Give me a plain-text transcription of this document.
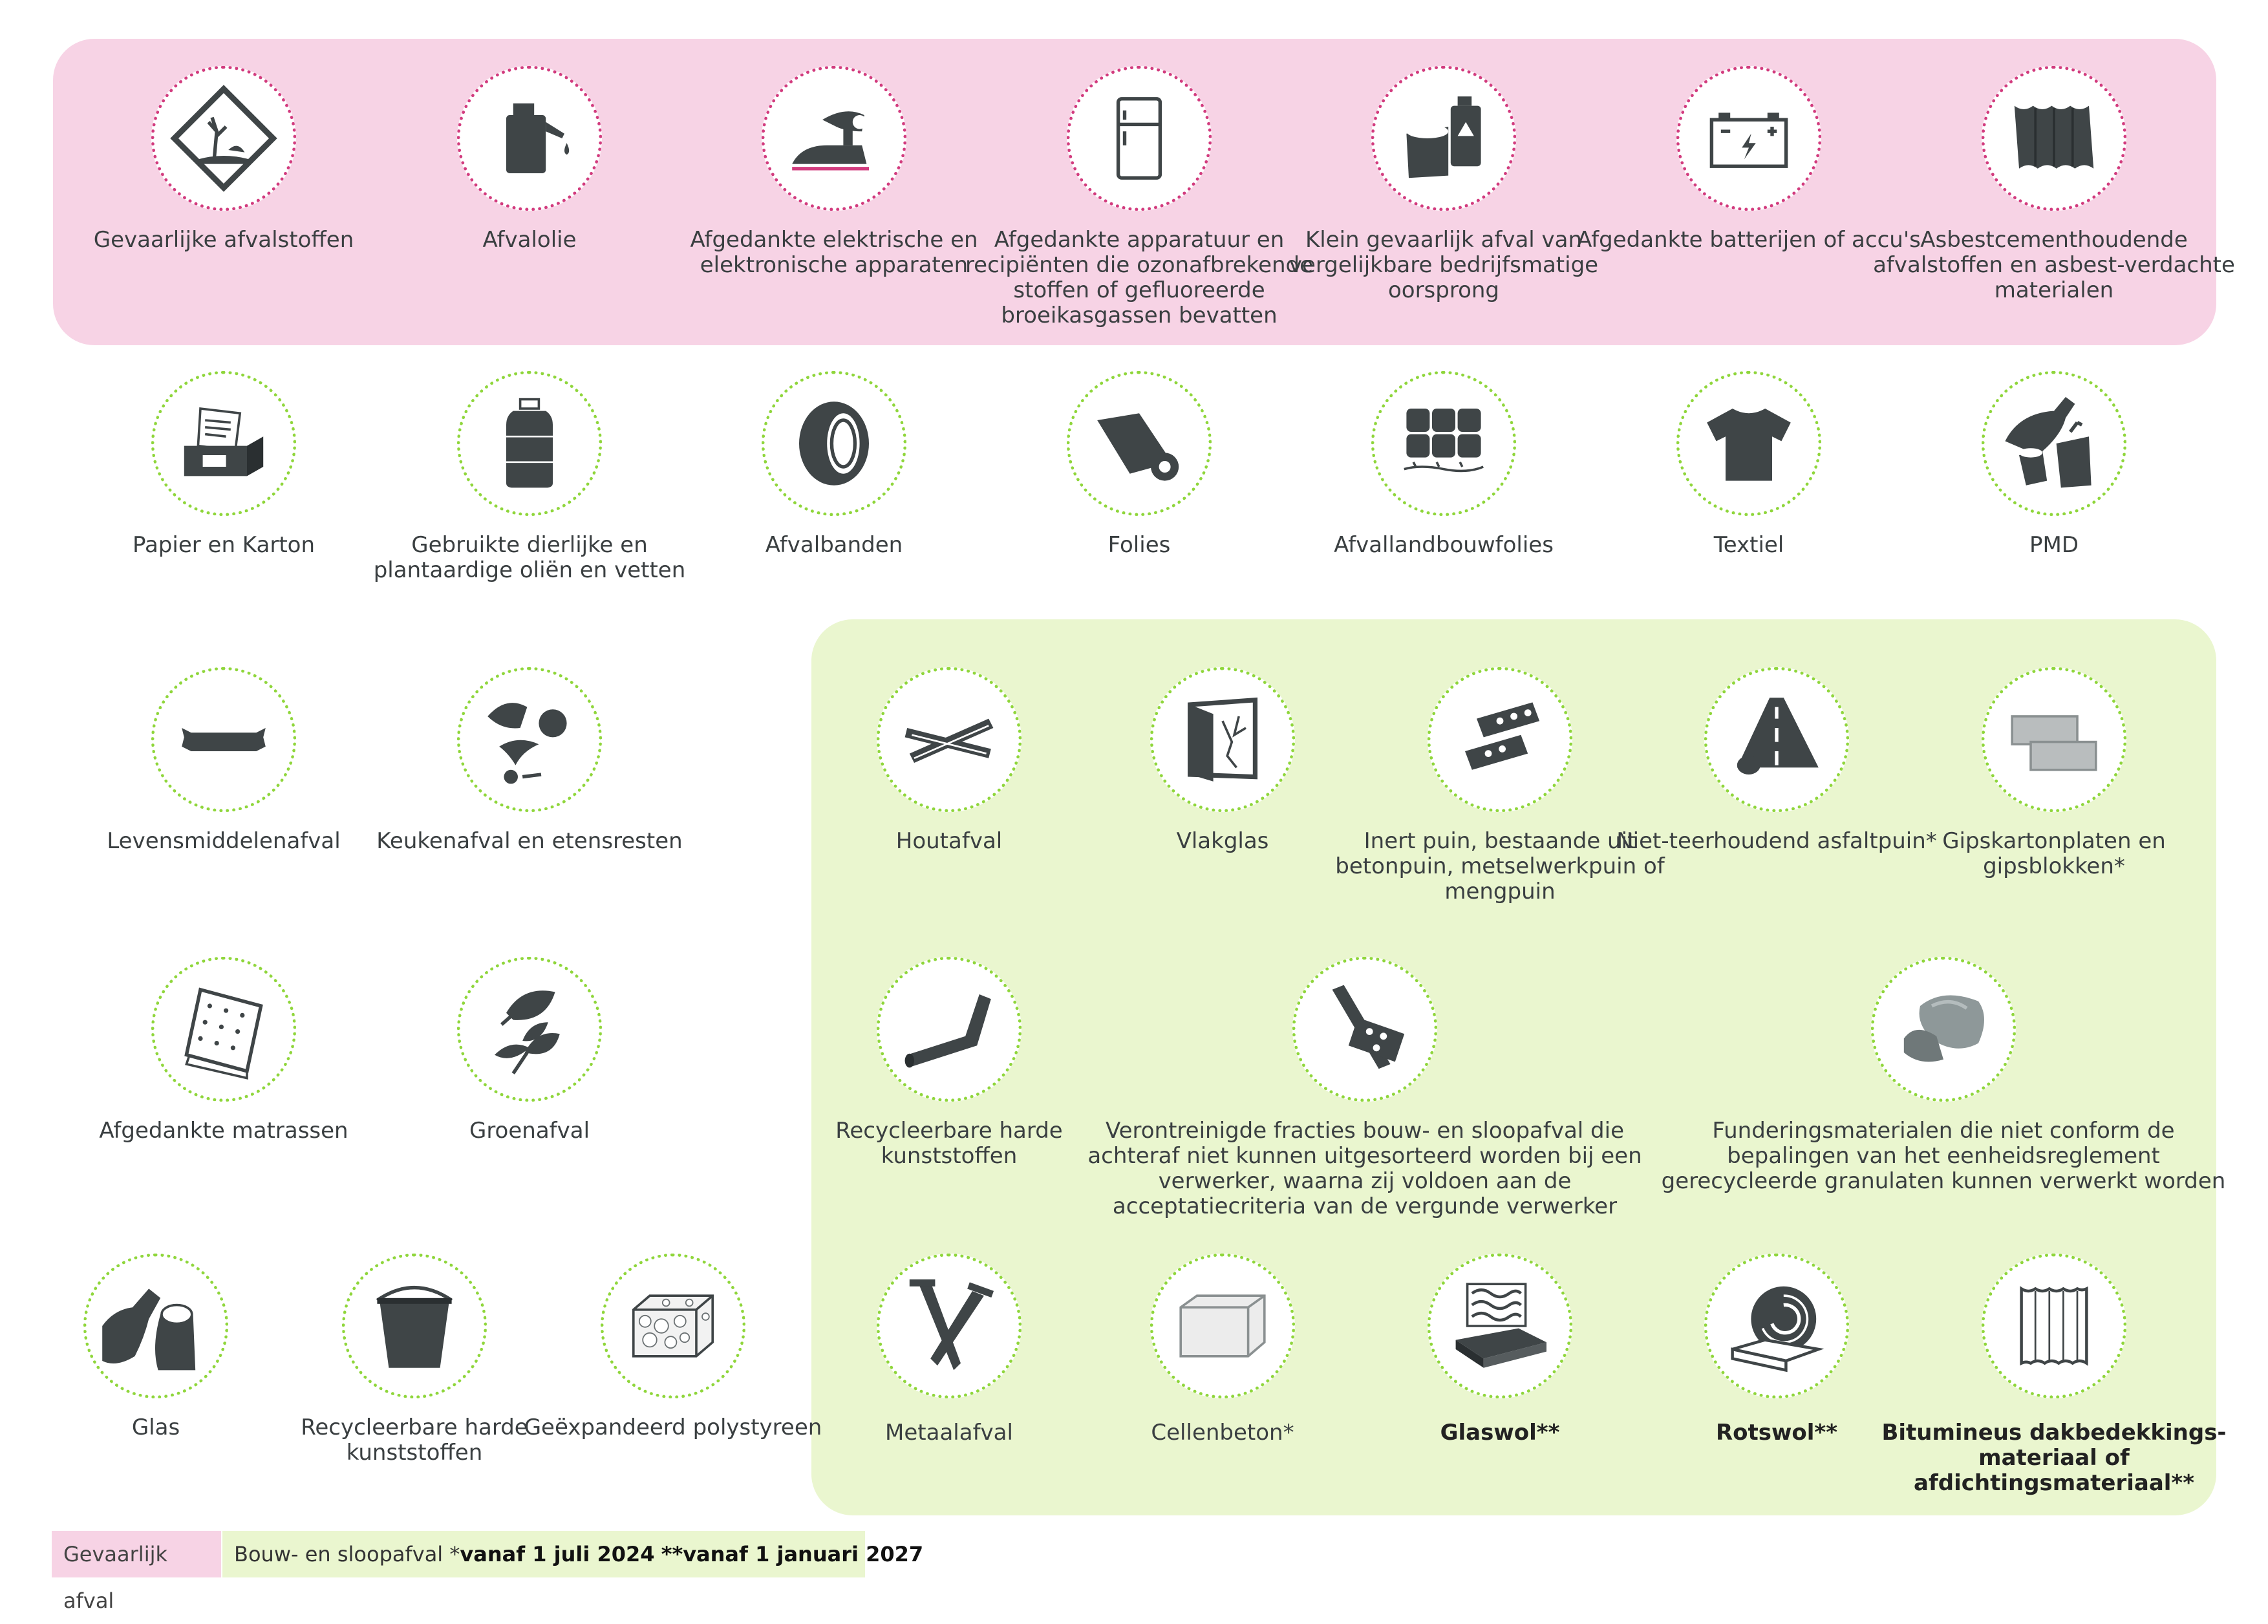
Gevaarlijke afvalstoffen	Afvalolie	Afgedankte elektrische en elektronische apparaten
Afgedankte apparatuur en recipiënten die ozonafbrekende stoffen of gefluoreerde broeikasgassen bevatten
Klein gevaarlijk afval van vergelijkbare bedrijfsmatige oorsprong
Afgedankte batterijen of accu's Asbestcementhoudende afvalstoffen en asbest-verdachte materialen
Papier en Karton	Gebruikte dierlijke en plantaardige oliën en vetten
Afvalbanden	Folies	Afvallandbouwfolies	Textiel	PMD
Levensmiddelenafval	Keukenafval en etensresten
Afgedankte matrassen	Groenafval
Glas	Recycleerbare harde kunststoffen
Geëxpandeerd polystyreen
Houtafval	Vlakglas	Inert puin, bestaande uit betonpuin, metselwerkpuin of mengpuin
Niet-teerhoudend asfaltpuin* Gipskartonplaten en gipsblokken*
Recycleerbare harde kunststoffen
Verontreinigde fracties bouw- en sloopafval die achteraf niet kunnen uitgesorteerd worden bij een verwerker, waarna zij voldoen aan de acceptatiecriteria van de vergunde verwerker
Funderingsmaterialen die niet conform de bepalingen van het eenheidsreglement gerecycleerde granulaten kunnen verwerkt worden
Metaalafval	Cellenbeton*	Glaswol**	Rotswol**	Bitumineus dakbedekkings-materiaal of afdichtingsmateriaal**
Gevaarlijk afval
Bouw- en sloopafval *vanaf 1 juli 2024 **vanaf 1 januari 2027
